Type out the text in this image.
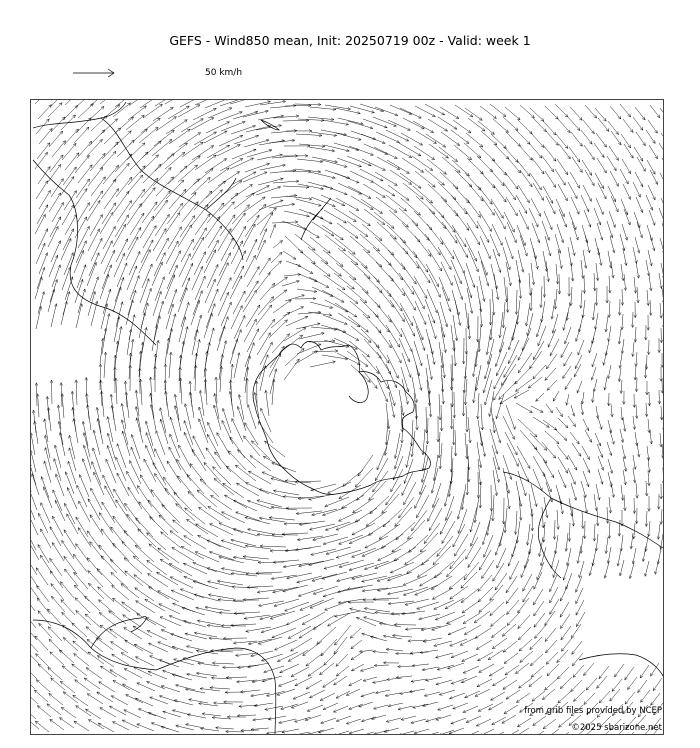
GEFS - Wind850 mean, Init: 20250719 00z - Valid: week 1
50 km/h
from grib files provided by NCEP
©2025 sbarizone.net
